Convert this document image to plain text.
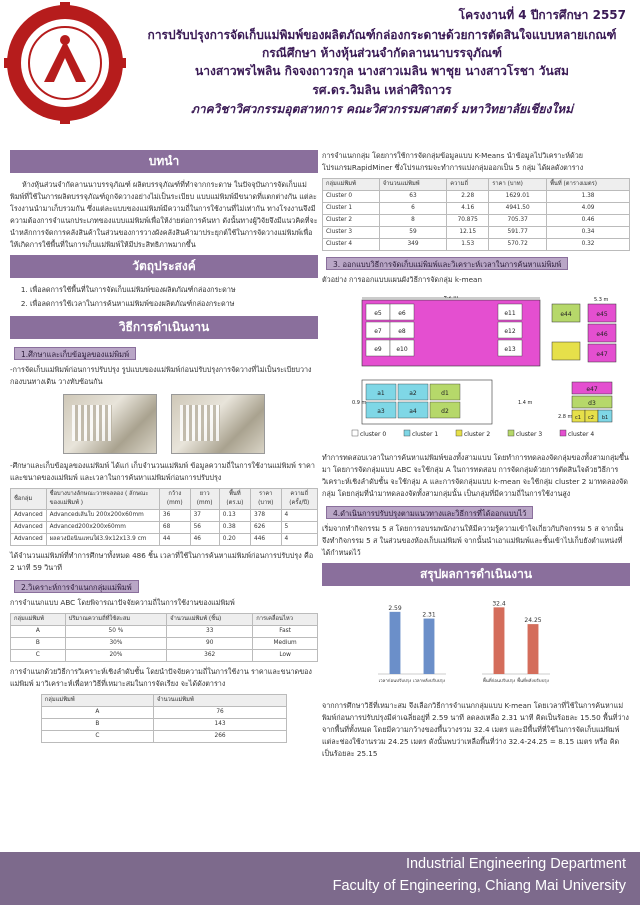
โครงงานที่ 4 ปีการศึกษา 2557
การปรับปรุงการจัดเก็บแม่พิมพ์ของผลิตภัณฑ์กล่องกระดาษด้วยการตัดสินใจแบบหลายเกณฑ์
กรณีศึกษา ห้างหุ้นส่วนจำกัดลานนาบรรจุภัณฑ์
นางสาวพรไพลิน กิจจงถาวรกุล นางสาวเมลิน พาชุย นางสาวโรชา วันสม
รศ.ดร.วิมลิน เหล่าศิริถาวร
ภาควิชาวิศวกรรมอุตสาหการ คณะวิศวกรรมศาสตร์ มหาวิทยาลัยเชียงใหม่
บทนำ
ห้างหุ้นส่วนจำกัดลานนาบรรจุภัณฑ์ ผลิตบรรจุภัณฑ์ที่ทำจากกระดาษ ในปัจจุบันการจัดเก็บแม่พิมพ์ที่ใช้ในการผลิตบรรจุภัณฑ์ถูกจัดวางอย่างไม่เป็นระเบียบ แบบแม่พิมพ์มีขนาดที่แตกต่างกัน แต่ละโรงงานนำมาเก็บรวมกัน ซึ่งแต่ละแบบของแม่พิมพ์มีความถี่ในการใช้งานที่ไม่เท่ากัน ทางโรงงานจึงมีความต้องการจำแนกประเภทของแบบแม่พิมพ์เพื่อให้ง่ายต่อการค้นหา ดังนั้นทางผู้วิจัยจึงมีแนวคิดที่จะนำหลักการจัดการคลังสินค้าในส่วนของการวางผังคลังสินค้ามาประยุกต์ใช้ในการจัดวางแม่พิมพ์เพื่อให้เกิดการใช้พื้นที่ในการเก็บแม่พิมพ์ให้มีประสิทธิภาพมากขึ้น
วัตถุประสงค์
1. เพื่อลดการใช้พื้นที่ในการจัดเก็บแม่พิมพ์ของผลิตภัณฑ์กล่องกระดาษ
2. เพื่อลดการใช้เวลาในการค้นหาแม่พิมพ์ของผลิตภัณฑ์กล่องกระดาษ
วิธีการดำเนินงาน
1.ศึกษาและเก็บข้อมูลของแม่พิมพ์
-การจัดเก็บแม่พิมพ์ก่อนการปรับปรุง รูปแบบของแม่พิมพ์ก่อนปรับปรุงการจัดวางที่ไม่เป็นระเบียบวางกองบนทางเดิน วางทับซ้อนกัน
-ศึกษาและเก็บข้อมูลของแม่พิมพ์ ได้แก่ เก็บจำนวนแม่พิมพ์ ข้อมูลความถี่ในการใช้งานแม่พิมพ์ ราคาและขนาดของแม่พิมพ์ และเวลาในการค้นหาแม่พิมพ์ก่อนการปรับปรุง
ชื่อกลุ่ม	ชื่อบางบางลักษณะวาทจลลอง ( ลักษณะของแม่พิมพ์ )	กว้าง (mm)	ยาว (mm)	พื้นที่ (ตร.ม)	ราคา (บาท)	ความถี่ (ครั้ง/ปี)
Advanced	Advancedเส้นใบ 200x200x60mm	36	37	0.13	378	4
Advanced	Advanced200x200x60mm	68	56	0.38	626	5
Advanced	ผลดวงมีอนินแทนใฝ่3.9x12x13.9 cm	44	46	0.20	446	4
ได้จำนวนแม่พิมพ์ที่ทำการศึกษาทั้งหมด 486 ชิ้น เวลาที่ใช้ในการค้นหาแม่พิมพ์ก่อนการปรับปรุง คือ 2 นาที 59 วินาที
2.วิเคราะห์การจำแนกกลุ่มแม่พิมพ์
การจำแนกแบบ ABC โดยพิจารณาปัจจัยความถี่ในการใช้งานของแม่พิมพ์
กลุ่มแม่พิมพ์	ปริมาณความถี่ที่ใช้สะสม	จำนวนแม่พิมพ์ (ชิ้น)	การเคลื่อนไหว
A	50 %	33	Fast
B	30%	90	Medium
C	20%	362	Low
การจำแนกด้วยวิธีการวิเคราะห์เชิงลำดับชั้น โดยนำปัจจัยความถี่ในการใช้งาน ราคาและขนาดของแม่พิมพ์ มาวิเคราะห์เพื่อหาวิธีที่เหมาะสมในการจัดเรียง จะได้ดังตาราง
กลุ่มแม่พิมพ์	จำนวนแม่พิมพ์
A	76
B	143
C	266
การจำแนกกลุ่ม โดยการใช้การจัดกลุ่มข้อมูลแบบ K-Means นำข้อมูลไปวิเคราะห์ด้วยโปรแกรมRapidMiner ซึ่งโปรแกรมจะทำการแบ่งกลุ่มออกเป็น 5 กลุ่ม ได้ผลดังตาราง
กลุ่มแม่พิมพ์	จำนวนแม่พิมพ์	ความถี่	ราคา (บาท)	พื้นที่ (ตารางเมตร)
Cluster 0	63	2.28	1629.01	1.38
Cluster 1	6	4.16	4941.50	4.09
Cluster 2	8	70.875	705.37	0.46
Cluster 3	59	12.15	591.77	0.34
Cluster 4	349	1.53	570.72	0.32
3. ออกแบบวิธีการจัดเก็บแม่พิมพ์และวิเคราะห์เวลาในการค้นหาแม่พิมพ์
ตัวอย่าง การออกแบบแผนผังวิธีการจัดกลุ่ม k-mean
e5	e6
e7	e8
e9 e10
e11
e12
e13
4.2 m
e44	e45
e46
e47
5.3 m
a1	a2	d1
a3	a4	d2
0.9 m	1.4 m
e47
d3
c1 c2 b1
2.8 m
cluster 0	cluster 1	cluster 2	cluster 3	cluster 4
ทำการทดสอบเวลาในการค้นหาแม่พิมพ์ของทั้งสามแบบ โดยทำการทดลองจัดกลุ่มของทั้งสามกลุ่มขึ้นมา โดยการจัดกลุ่มแบบ ABC จะใช้กลุ่ม A ในการทดสอบ การจัดกลุ่มด้วยการตัดสินใจด้วยวิธีการวิเคราะห์เชิงลำดับชั้น จะใช้กลุ่ม A และการจัดกลุ่มแบบ k-mean จะใช้กลุ่ม cluster 2 มาทดลองจัดกลุ่ม โดยกลุ่มที่นำมาทดลองจัดทั้งสามกลุ่มนั้น เป็นกลุ่มที่มีความถี่ในการใช้งานสูง
4.ดำเนินการปรับปรุงตามแนวทางและวิธีการที่ได้ออกแบบไว้
เริ่มจากทำกิจกรรม 5 ส โดยการอบรมพนักงานให้มีความรู้ความเข้าใจเกี่ยวกับกิจกรรม 5 ส จากนั้นจึงทำกิจกรรม 5 ส ในส่วนของห้องเก็บแม่พิมพ์ จากนั้นนำเอาแม่พิมพ์และชั้นเข้าไปเก็บยังตำแหน่งที่ได้กำหนดไว้
สรุปผลการดำเนินงาน
2.59
เวลาก่อนปรับปรุง
2.31
เวลาหลังปรับปรุง
32.4
พื้นที่ก่อนปรับปรุง
24.25
พื้นที่หลังปรับปรุง
จากการศึกษาวิธีที่เหมาะสม จึงเลือกวิธีการจำแนกกลุ่มแบบ K-mean โดยเวลาที่ใช้ในการค้นหาแม่พิมพ์ก่อนการปรับปรุงมีค่าเฉลี่ยอยู่ที่ 2.59 นาที ลดลงเหลือ 2.31 นาที คิดเป็นร้อยละ 15.50 พื้นที่ว่างจากพื้นที่ทั้งหมด โดยมีความกว้างของพื้นวางรวม 32.4 เมตร และมีพื้นที่ที่ใช้ในการจัดเก็บแม่พิมพ์แต่ละช่องใช้งานรวม 24.25 เมตร ดังนั้นพบว่าเหลือพื้นที่ว่าง 32.4-24.25 = 8.15 เมตร หรือ คิดเป็นร้อยละ 25.15
Industrial Engineering Department
Faculty of Engineering, Chiang Mai University
